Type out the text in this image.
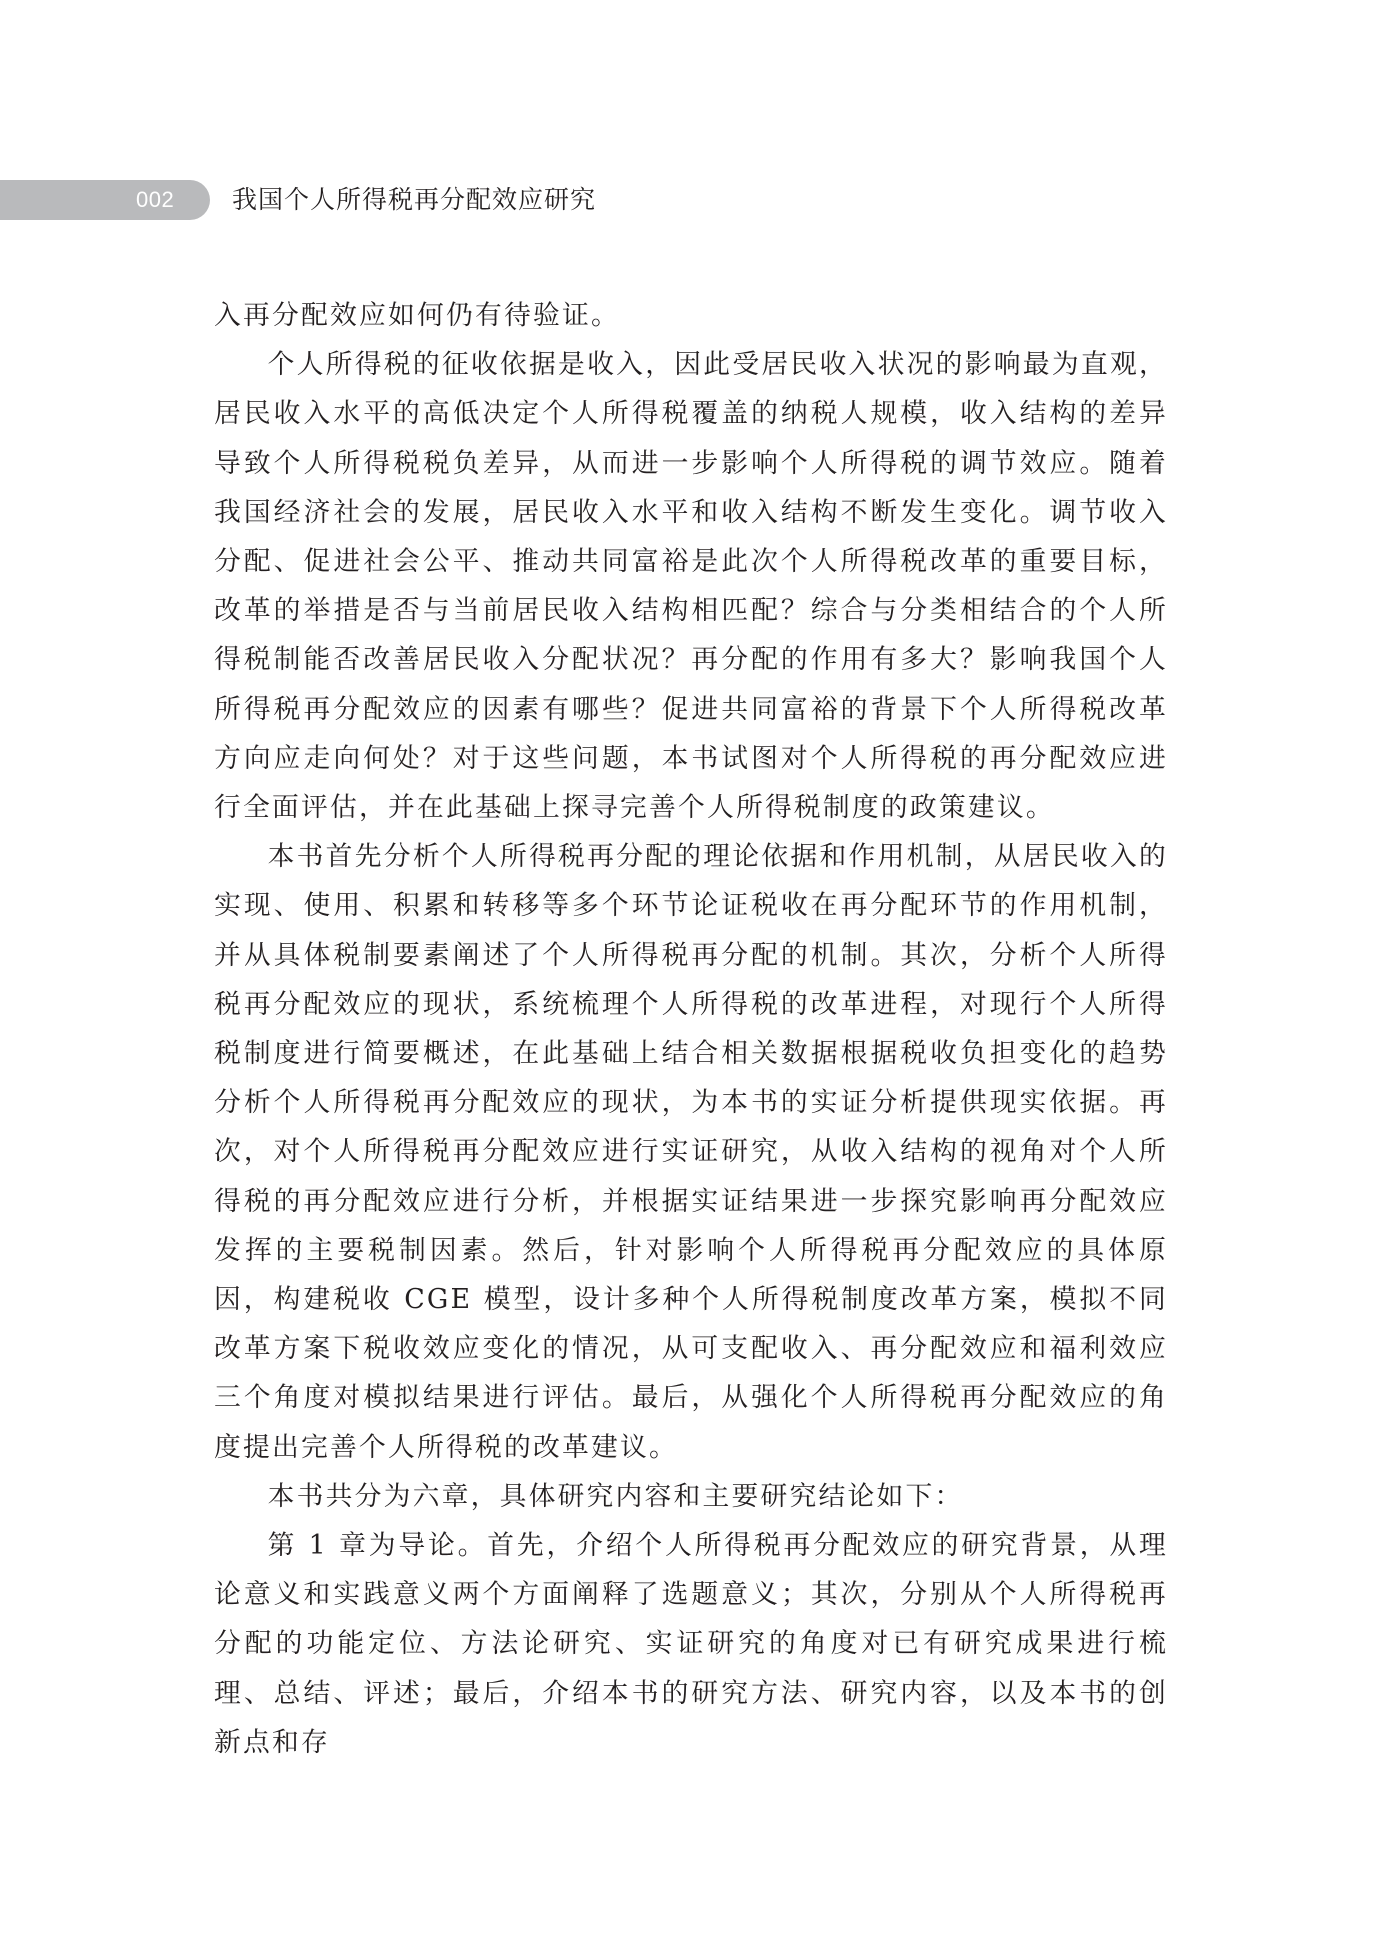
002 我国个人所得税再分配效应研究

入再分配效应如何仍有待验证。

个人所得税的征收依据是收入，因此受居民收入状况的影响最为直观，居民收入水平的高低决定个人所得税覆盖的纳税人规模，收入结构的差异导致个人所得税税负差异，从而进一步影响个人所得税的调节效应。随着我国经济社会的发展，居民收入水平和收入结构不断发生变化。调节收入分配、促进社会公平、推动共同富裕是此次个人所得税改革的重要目标，改革的举措是否与当前居民收入结构相匹配？综合与分类相结合的个人所得税制能否改善居民收入分配状况？再分配的作用有多大？影响我国个人所得税再分配效应的因素有哪些？促进共同富裕的背景下个人所得税改革方向应走向何处？对于这些问题，本书试图对个人所得税的再分配效应进行全面评估，并在此基础上探寻完善个人所得税制度的政策建议。

本书首先分析个人所得税再分配的理论依据和作用机制，从居民收入的实现、使用、积累和转移等多个环节论证税收在再分配环节的作用机制，并从具体税制要素阐述了个人所得税再分配的机制。其次，分析个人所得税再分配效应的现状，系统梳理个人所得税的改革进程，对现行个人所得税制度进行简要概述，在此基础上结合相关数据根据税收负担变化的趋势分析个人所得税再分配效应的现状，为本书的实证分析提供现实依据。再次，对个人所得税再分配效应进行实证研究，从收入结构的视角对个人所得税的再分配效应进行分析，并根据实证结果进一步探究影响再分配效应发挥的主要税制因素。然后，针对影响个人所得税再分配效应的具体原因，构建税收 CGE 模型，设计多种个人所得税制度改革方案，模拟不同改革方案下税收效应变化的情况，从可支配收入、再分配效应和福利效应三个角度对模拟结果进行评估。最后，从强化个人所得税再分配效应的角度提出完善个人所得税的改革建议。

本书共分为六章，具体研究内容和主要研究结论如下：

第 1 章为导论。首先，介绍个人所得税再分配效应的研究背景，从理论意义和实践意义两个方面阐释了选题意义；其次，分别从个人所得税再分配的功能定位、方法论研究、实证研究的角度对已有研究成果进行梳理、总结、评述；最后，介绍本书的研究方法、研究内容，以及本书的创新点和存
